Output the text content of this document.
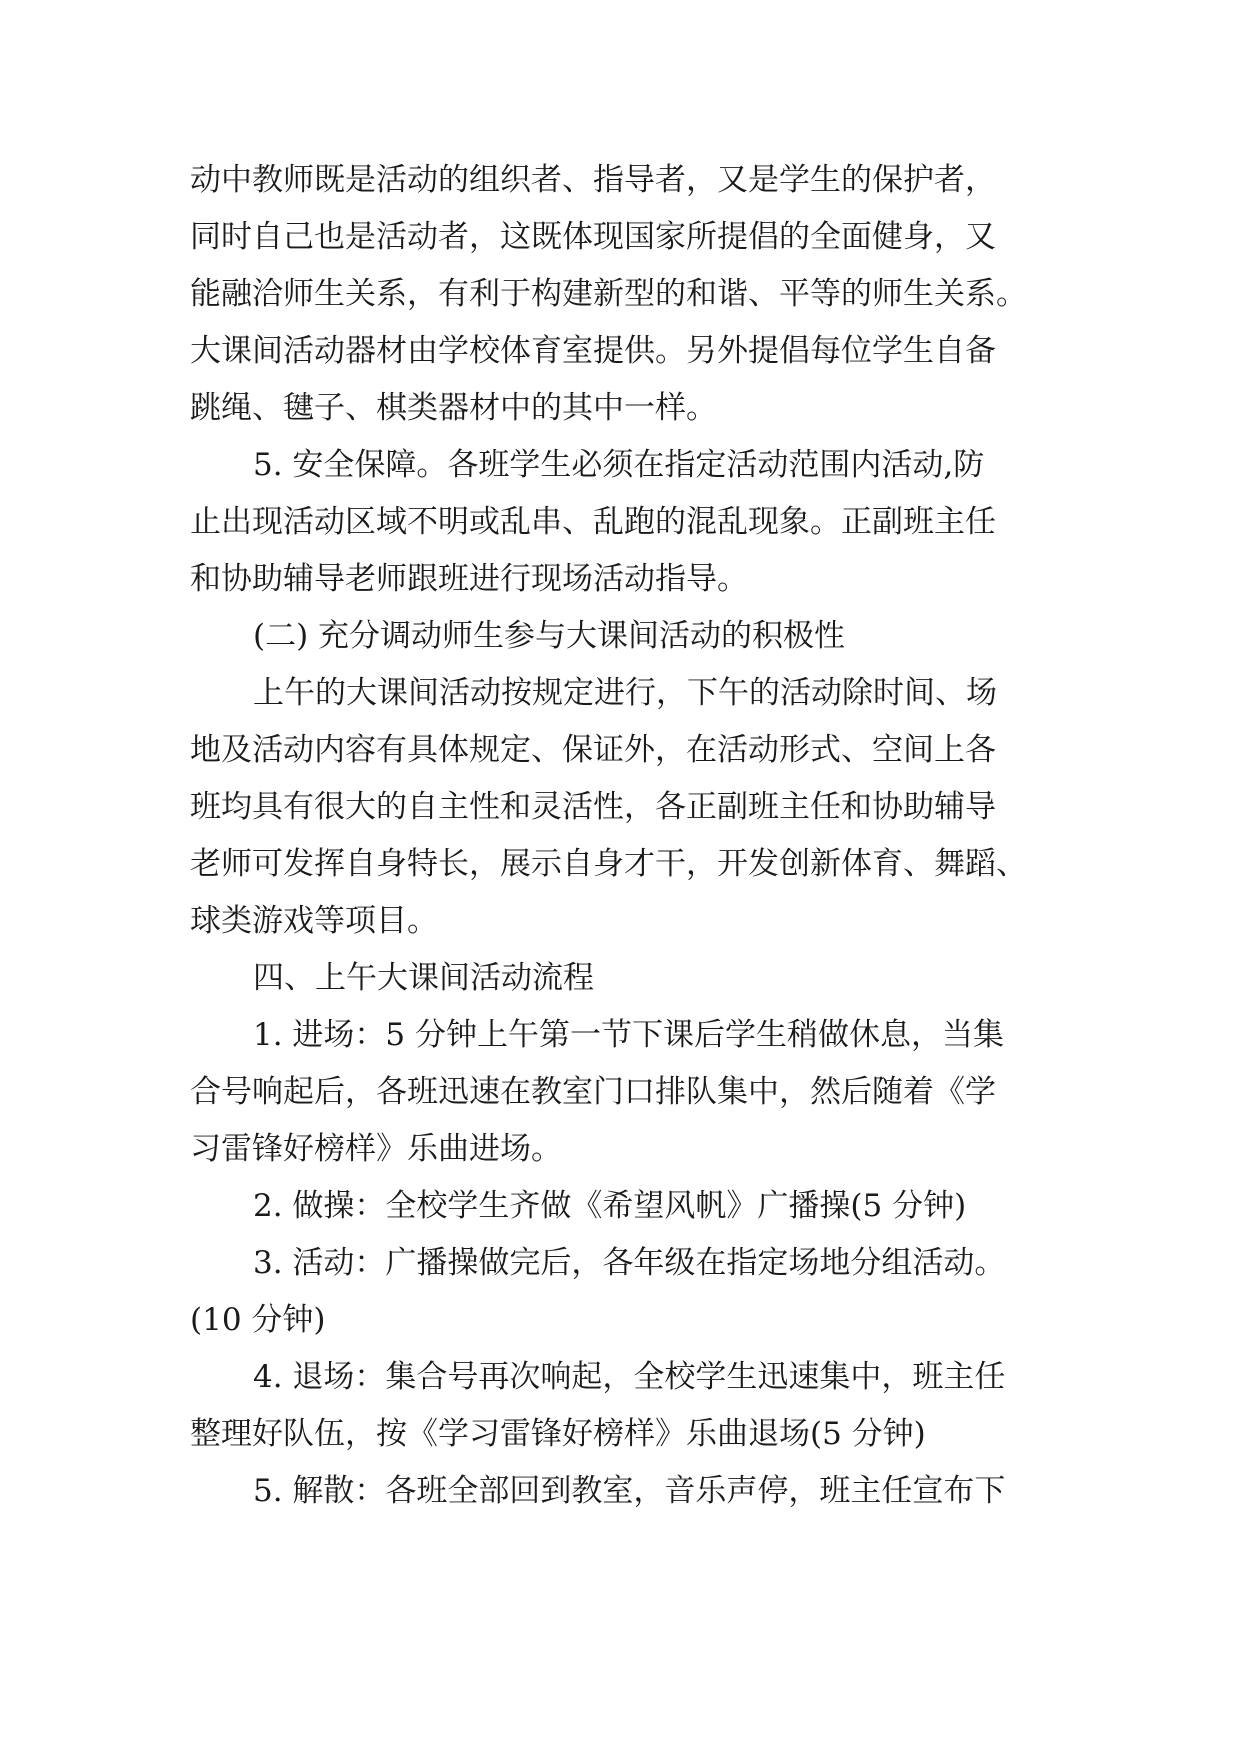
动中教师既是活动的组织者、指导者，又是学生的保护者，
同时自己也是活动者，这既体现国家所提倡的全面健身，又
能融洽师生关系，有利于构建新型的和谐、平等的师生关系。
大课间活动器材由学校体育室提供。另外提倡每位学生自备
跳绳、毽子、棋类器材中的其中一样。
5. 安全保障。各班学生必须在指定活动范围内活动,防
止出现活动区域不明或乱串、乱跑的混乱现象。正副班主任
和协助辅导老师跟班进行现场活动指导。
(二) 充分调动师生参与大课间活动的积极性
上午的大课间活动按规定进行，下午的活动除时间、场
地及活动内容有具体规定、保证外，在活动形式、空间上各
班均具有很大的自主性和灵活性，各正副班主任和协助辅导
老师可发挥自身特长，展示自身才干，开发创新体育、舞蹈、
球类游戏等项目。
四、上午大课间活动流程
1. 进场：5 分钟上午第一节下课后学生稍做休息，当集
合号响起后，各班迅速在教室门口排队集中，然后随着《学
习雷锋好榜样》乐曲进场。
2. 做操：全校学生齐做《希望风帆》广播操(5 分钟)
3. 活动：广播操做完后，各年级在指定场地分组活动。
(10 分钟)
4. 退场：集合号再次响起，全校学生迅速集中，班主任
整理好队伍，按《学习雷锋好榜样》乐曲退场(5 分钟)
5. 解散：各班全部回到教室，音乐声停，班主任宣布下
